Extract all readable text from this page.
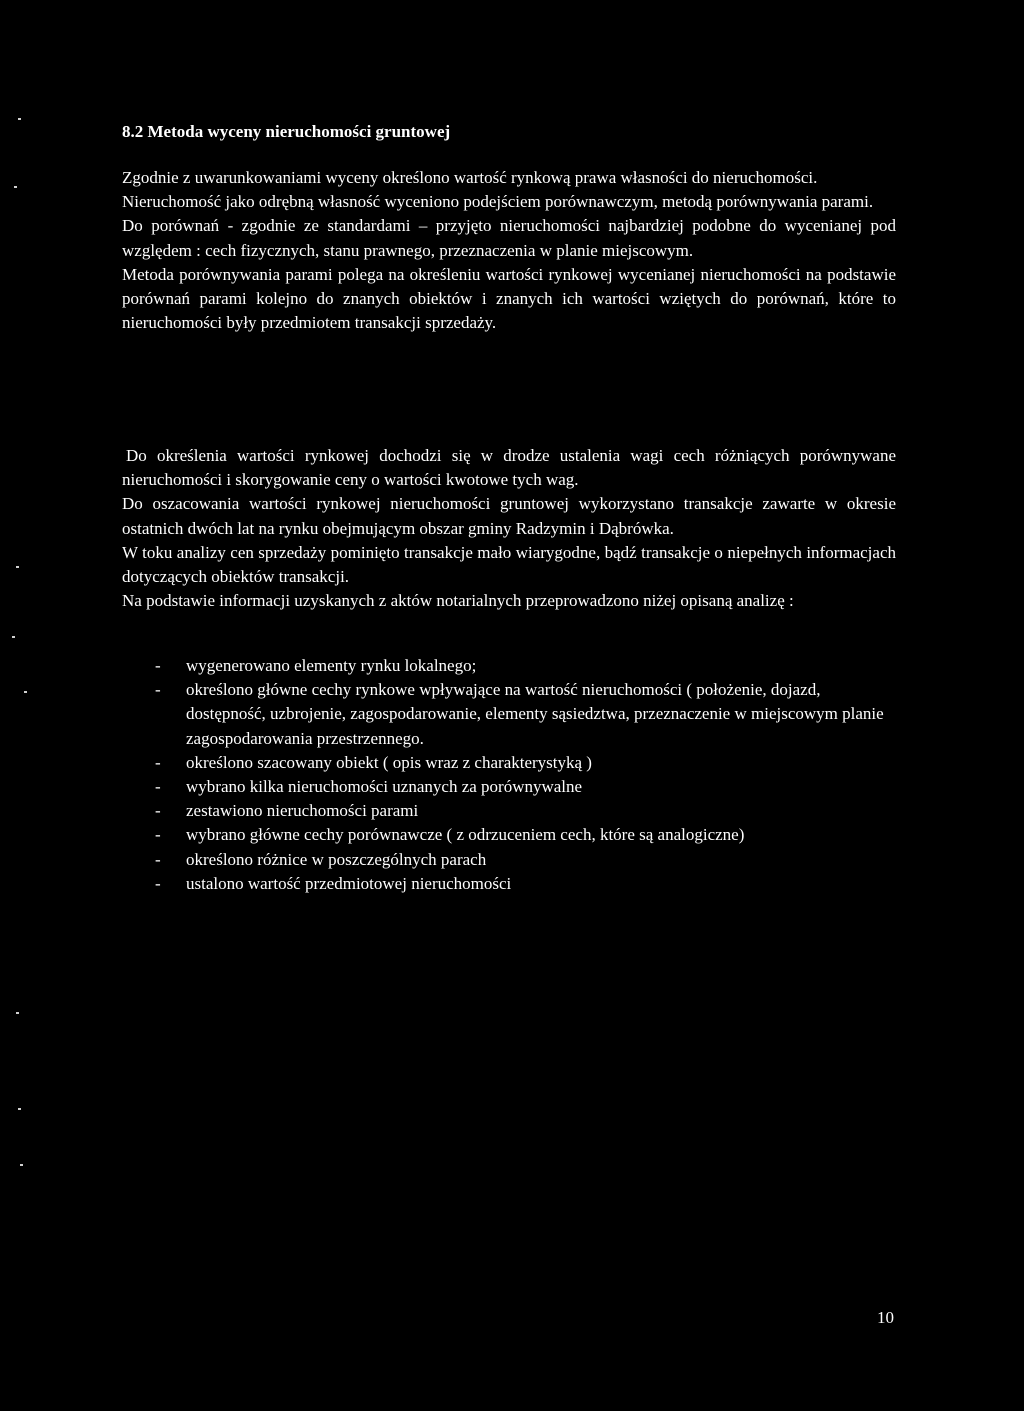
8.2 Metoda wyceny nieruchomości gruntowej

Zgodnie z uwarunkowaniami wyceny określono wartość rynkową prawa własności do nieruchomości.

Nieruchomość jako odrębną własność wyceniono podejściem porównawczym, metodą porównywania parami.

Do porównań - zgodnie ze standardami – przyjęto nieruchomości najbardziej podobne do wycenianej pod względem : cech fizycznych, stanu prawnego, przeznaczenia w planie miejscowym.

Metoda porównywania parami polega na określeniu wartości rynkowej wycenianej nieruchomości na podstawie porównań parami kolejno do znanych obiektów i znanych ich wartości wziętych do porównań, które to nieruchomości były przedmiotem transakcji sprzedaży.

Do określenia wartości rynkowej dochodzi się w drodze ustalenia wagi cech różniących porównywane nieruchomości i skorygowanie ceny o wartości kwotowe tych wag.

Do oszacowania wartości rynkowej nieruchomości gruntowej wykorzystano transakcje zawarte w okresie ostatnich dwóch lat na rynku obejmującym obszar gminy Radzymin i Dąbrówka.

W toku analizy cen sprzedaży pominięto transakcje mało wiarygodne, bądź transakcje o niepełnych informacjach dotyczących obiektów transakcji.

Na podstawie informacji uzyskanych z aktów notarialnych przeprowadzono niżej opisaną analizę :

-	wygenerowano elementy rynku lokalnego;
-	określono główne cechy rynkowe wpływające na wartość nieruchomości ( położenie, dojazd, dostępność, uzbrojenie, zagospodarowanie, elementy sąsiedztwa, przeznaczenie w miejscowym planie zagospodarowania przestrzennego.
-	określono szacowany obiekt ( opis wraz z charakterystyką )
-	wybrano kilka nieruchomości uznanych za porównywalne
-	zestawiono nieruchomości parami
-	wybrano główne cechy porównawcze ( z odrzuceniem cech, które są analogiczne)
-	określono różnice w poszczególnych parach
-	ustalono wartość przedmiotowej nieruchomości
10
